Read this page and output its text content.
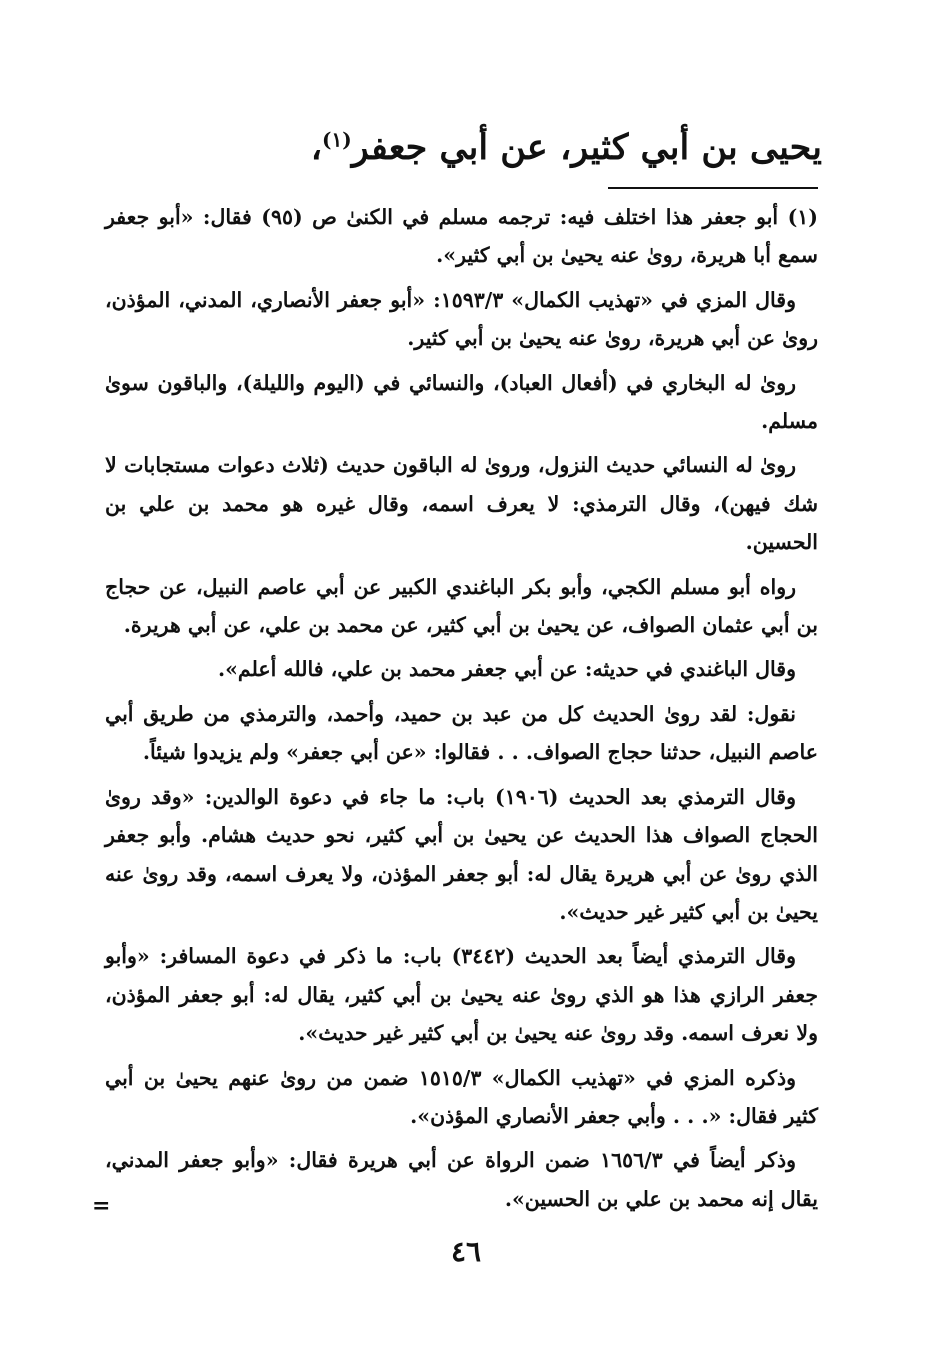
يحيى بن أبي كثير، عن أبي جعفر$^{(١)}$،

(١) أبو جعفر هذا اختلف فيه: ترجمه مسلم في الكنىٰ ص (٩٥) فقال: «أبو جعفر سمع أبا هريرة، روىٰ عنه يحيىٰ بن أبي كثير».

وقال المزي في «تهذيب الكمال» ١٥٩٣/٣: «أبو جعفر الأنصاري، المدني، المؤذن، روىٰ عن أبي هريرة، روىٰ عنه يحيىٰ بن أبي كثير.

روىٰ له البخاري في (أفعال العباد)، والنسائي في (اليوم والليلة)، والباقون سوىٰ مسلم.

روىٰ له النسائي حديث النزول، وروىٰ له الباقون حديث (ثلاث دعوات مستجابات لا شك فيهن)، وقال الترمذي: لا يعرف اسمه، وقال غيره هو محمد بن علي بن الحسين.

رواه أبو مسلم الكجي، وأبو بكر الباغندي الكبير عن أبي عاصم النبيل، عن حجاج بن أبي عثمان الصواف، عن يحيىٰ بن أبي كثير، عن محمد بن علي، عن أبي هريرة.

وقال الباغندي في حديثه: عن أبي جعفر محمد بن علي، فالله أعلم».

نقول: لقد روىٰ الحديث كل من عبد بن حميد، وأحمد، والترمذي من طريق أبي عاصم النبيل، حدثنا حجاج الصواف. . . فقالوا: «عن أبي جعفر» ولم يزيدوا شيئاً.

وقال الترمذي بعد الحديث (١٩٠٦) باب: ما جاء في دعوة الوالدين: «وقد روىٰ الحجاج الصواف هذا الحديث عن يحيىٰ بن أبي كثير، نحو حديث هشام. وأبو جعفر الذي روىٰ عن أبي هريرة يقال له: أبو جعفر المؤذن، ولا يعرف اسمه، وقد روىٰ عنه يحيىٰ بن أبي كثير غير حديث».

وقال الترمذي أيضاً بعد الحديث (٣٤٤٢) باب: ما ذكر في دعوة المسافر: «وأبو جعفر الرازي هذا هو الذي روىٰ عنه يحيىٰ بن أبي كثير، يقال له: أبو جعفر المؤذن، ولا نعرف اسمه. وقد روىٰ عنه يحيىٰ بن أبي كثير غير حديث».

وذكره المزي في «تهذيب الكمال» ١٥١٥/٣ ضمن من روىٰ عنهم يحيىٰ بن أبي كثير فقال: «. . . وأبي جعفر الأنصاري المؤذن».

وذكر أيضاً في ١٦٥٦/٣ ضمن الرواة عن أبي هريرة فقال: «وأبو جعفر المدني، يقال إنه محمد بن علي بن الحسين».

=
٤٦
